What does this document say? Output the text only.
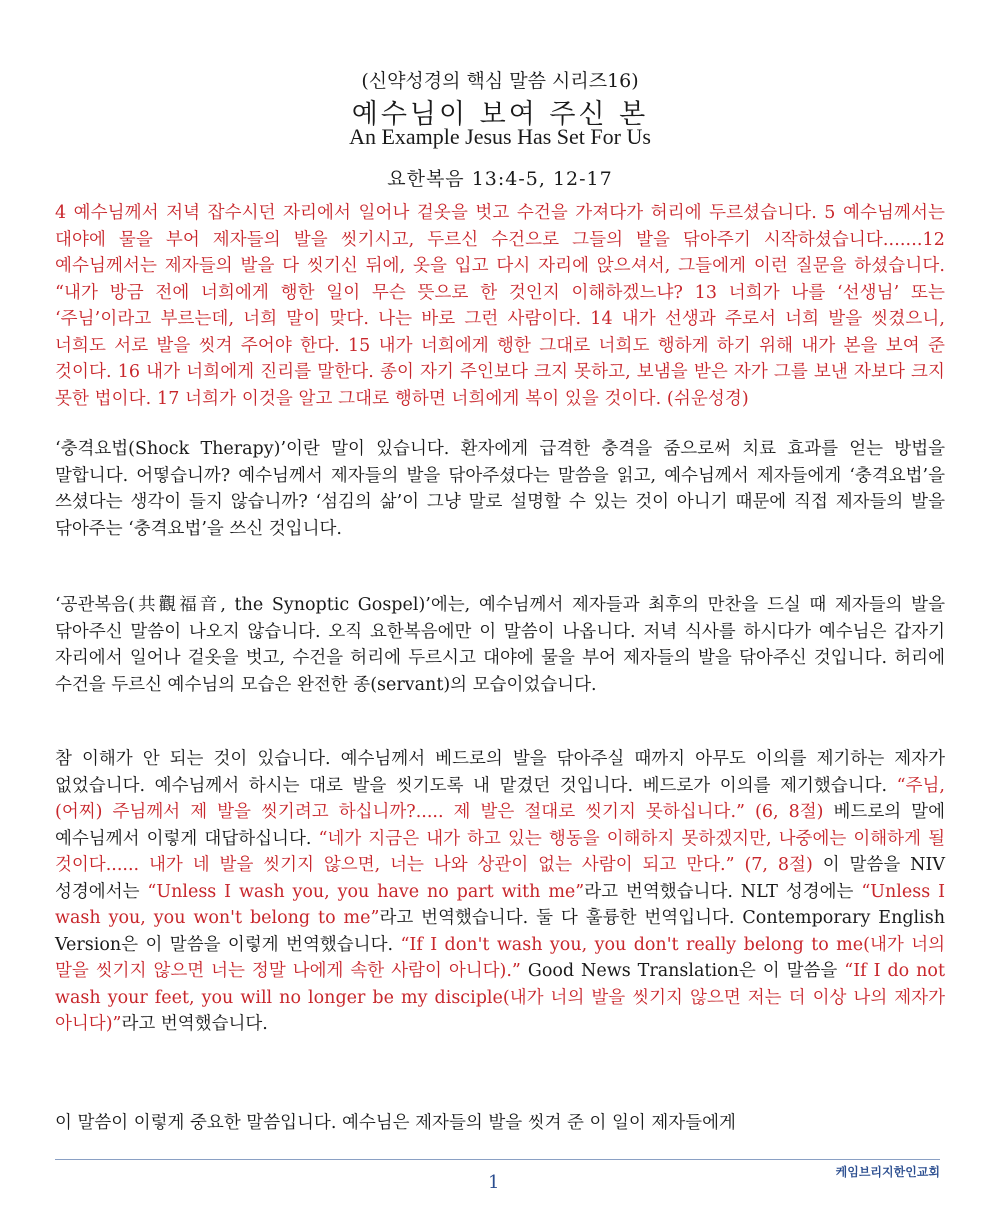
(신약성경의 핵심 말씀 시리즈16)
예수님이 보여 주신 본
An Example Jesus Has Set For Us
요한복음 13:4-5, 12-17
4 예수님께서 저녁 잡수시던 자리에서 일어나 겉옷을 벗고 수건을 가져다가 허리에 두르셨습니다. 5 예수님께서는 대야에 물을 부어 제자들의 발을 씻기시고, 두르신 수건으로 그들의 발을 닦아주기 시작하셨습니다.......12 예수님께서는 제자들의 발을 다 씻기신 뒤에, 옷을 입고 다시 자리에 앉으셔서, 그들에게 이런 질문을 하셨습니다. “내가 방금 전에 너희에게 행한 일이 무슨 뜻으로 한 것인지 이해하겠느냐? 13 너희가 나를 ‘선생님’ 또는 ‘주님’이라고 부르는데, 너희 말이 맞다. 나는 바로 그런 사람이다. 14 내가 선생과 주로서 너희 발을 씻겼으니, 너희도 서로 발을 씻겨 주어야 한다. 15 내가 너희에게 행한 그대로 너희도 행하게 하기 위해 내가 본을 보여 준 것이다. 16 내가 너희에게 진리를 말한다. 종이 자기 주인보다 크지 못하고, 보냄을 받은 자가 그를 보낸 자보다 크지 못한 법이다. 17 너희가 이것을 알고 그대로 행하면 너희에게 복이 있을 것이다. (쉬운성경)
‘충격요법(Shock Therapy)’이란 말이 있습니다. 환자에게 급격한 충격을 줌으로써 치료 효과를 얻는 방법을 말합니다. 어떻습니까? 예수님께서 제자들의 발을 닦아주셨다는 말씀을 읽고, 예수님께서 제자들에게 ‘충격요법’을 쓰셨다는 생각이 들지 않습니까? ‘섬김의 삶’이 그냥 말로 설명할 수 있는 것이 아니기 때문에 직접 제자들의 발을 닦아주는 ‘충격요법’을 쓰신 것입니다.
‘공관복음(共觀福音, the Synoptic Gospel)’에는, 예수님께서 제자들과 최후의 만찬을 드실 때 제자들의 발을 닦아주신 말씀이 나오지 않습니다. 오직 요한복음에만 이 말씀이 나옵니다. 저녁 식사를 하시다가 예수님은 갑자기 자리에서 일어나 겉옷을 벗고, 수건을 허리에 두르시고 대야에 물을 부어 제자들의 발을 닦아주신 것입니다. 허리에 수건을 두르신 예수님의 모습은 완전한 종(servant)의 모습이었습니다.
참 이해가 안 되는 것이 있습니다. 예수님께서 베드로의 발을 닦아주실 때까지 아무도 이의를 제기하는 제자가 없었습니다. 예수님께서 하시는 대로 발을 씻기도록 내 맡겼던 것입니다. 베드로가 이의를 제기했습니다. “주님, (어찌) 주님께서 제 발을 씻기려고 하십니까?..... 제 발은 절대로 씻기지 못하십니다.” (6, 8절) 베드로의 말에 예수님께서 이렇게 대답하십니다. “네가 지금은 내가 하고 있는 행동을 이해하지 못하겠지만, 나중에는 이해하게 될 것이다...... 내가 네 발을 씻기지 않으면, 너는 나와 상관이 없는 사람이 되고 만다.” (7, 8절) 이 말씀을 NIV 성경에서는 “Unless I wash you, you have no part with me”라고 번역했습니다. NLT 성경에는 “Unless I wash you, you won't belong to me”라고 번역했습니다. 둘 다 훌륭한 번역입니다. Contemporary English Version은 이 말씀을 이렇게 번역했습니다. “If I don't wash you, you don't really belong to me(내가 너의 말을 씻기지 않으면 너는 정말 나에게 속한 사람이 아니다).” Good News Translation은 이 말씀을 “If I do not wash your feet, you will no longer be my disciple(내가 너의 발을 씻기지 않으면 저는 더 이상 나의 제자가 아니다)”라고 번역했습니다.
이 말씀이 이렇게 중요한 말씀입니다. 예수님은 제자들의 발을 씻겨 준 이 일이 제자들에게
1	케임브리지한인교회
